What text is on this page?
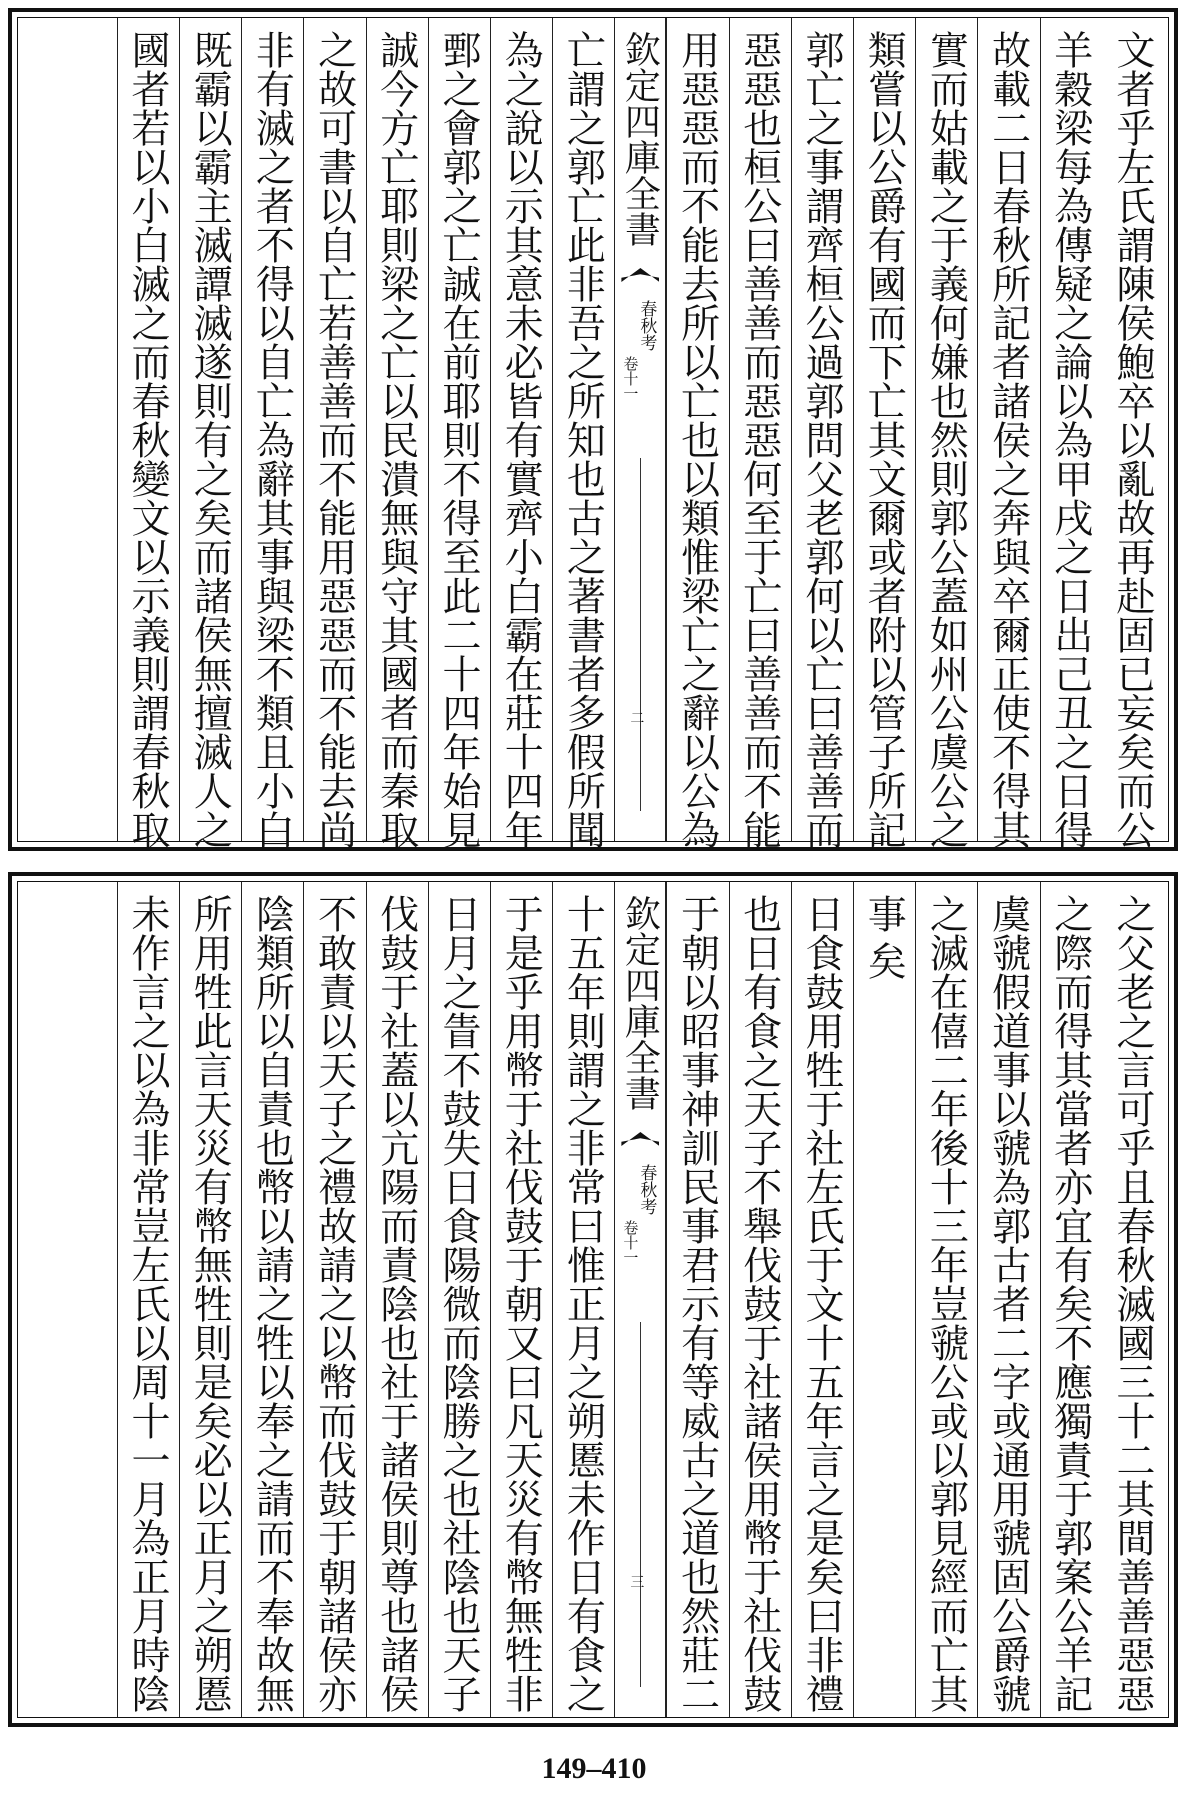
文
者
乎
左
氏
謂
陳
侯
鮑
卒
以
亂
故
再
赴
固
已
妄
矣
而
公
羊
穀
梁
每
為
傳
疑
之
論
以
為
甲
戌
之
日
出
己
丑
之
日
得
故
載
二
日
春
秋
所
記
者
諸
侯
之
奔
與
卒
爾
正
使
不
得
其
實
而
姑
載
之
于
義
何
嫌
也
然
則
郭
公
蓋
如
州
公
虞
公
之
類
嘗
以
公
爵
有
國
而
下
亡
其
文
爾
或
者
附
以
管
子
所
記
郭
亡
之
事
謂
齊
桓
公
過
郭
問
父
老
郭
何
以
亡
曰
善
善
而
惡
惡
也
桓
公
曰
善
善
而
惡
惡
何
至
于
亡
曰
善
善
而
不
能
用
惡
惡
而
不
能
去
所
以
亡
也
以
類
惟
梁
亡
之
辭
以
公
為
欽定四庫全書
春秋考
卷十一
二
亡
謂
之
郭
亡
此
非
吾
之
所
知
也
古
之
著
書
者
多
假
所
聞
為
之
說
以
示
其
意
未
必
皆
有
實
齊
小
白
霸
在
莊
十
四
年
鄄
之
會
郭
之
亡
誠
在
前
耶
則
不
得
至
此
二
十
四
年
始
見
誠
今
方
亡
耶
則
梁
之
亡
以
民
潰
無
與
守
其
國
者
而
秦
取
之
故
可
書
以
自
亡
若
善
善
而
不
能
用
惡
惡
而
不
能
去
尚
非
有
滅
之
者
不
得
以
自
亡
為
辭
其
事
與
梁
不
類
且
小
白
既
霸
以
霸
主
滅
譚
滅
遂
則
有
之
矣
而
諸
侯
無
擅
滅
人
之
國
者
若
以
小
白
滅
之
而
春
秋
變
文
以
示
義
則
謂
春
秋
取
之
父
老
之
言
可
乎
且
春
秋
滅
國
三
十
二
其
間
善
善
惡
惡
之
際
而
得
其
當
者
亦
宜
有
矣
不
應
獨
責
于
郭
案
公
羊
記
虞
虢
假
道
事
以
虢
為
郭
古
者
二
字
或
通
用
虢
固
公
爵
虢
之
滅
在
僖
二
年
後
十
三
年
豈
虢
公
或
以
郭
見
經
而
亡
其
事
矣
日
食
鼓
用
牲
于
社
左
氏
于
文
十
五
年
言
之
是
矣
曰
非
禮
也
日
有
食
之
天
子
不
舉
伐
鼓
于
社
諸
侯
用
幣
于
社
伐
鼓
于
朝
以
昭
事
神
訓
民
事
君
示
有
等
威
古
之
道
也
然
莊
二
欽定四庫全書
春秋考
卷十一
三
十
五
年
則
謂
之
非
常
曰
惟
正
月
之
朔
慝
未
作
日
有
食
之
于
是
乎
用
幣
于
社
伐
鼓
于
朝
又
曰
凡
天
災
有
幣
無
牲
非
日
月
之
眚
不
鼓
失
日
食
陽
微
而
陰
勝
之
也
社
陰
也
天
子
伐
鼓
于
社
蓋
以
亢
陽
而
責
陰
也
社
于
諸
侯
則
尊
也
諸
侯
不
敢
責
以
天
子
之
禮
故
請
之
以
幣
而
伐
鼓
于
朝
諸
侯
亦
陰
類
所
以
自
責
也
幣
以
請
之
牲
以
奉
之
請
而
不
奉
故
無
所
用
牲
此
言
天
災
有
幣
無
牲
則
是
矣
必
以
正
月
之
朔
慝
未
作
言
之
以
為
非
常
豈
左
氏
以
周
十
一
月
為
正
月
時
陰
149–410
